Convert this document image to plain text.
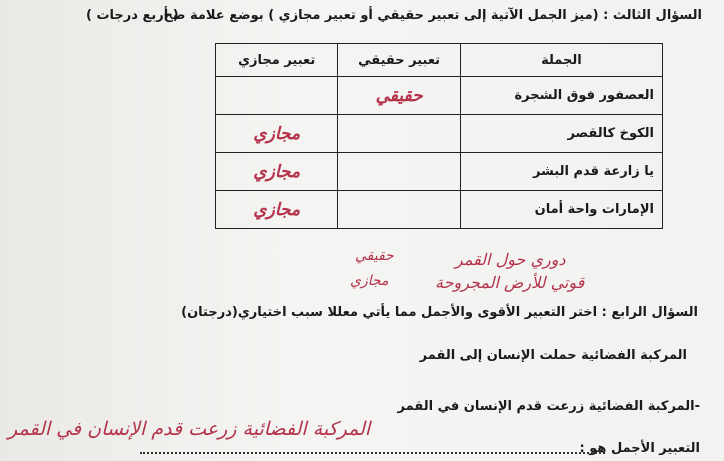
السؤال الثالث : (ميز الجمل الآتية إلى تعبير حقيقي أو تعبير مجازي ) بوضع علامة صح
( أربع درجات )
الجملة	تعبير حقيقي	تعبير مجازي
العصفور فوق الشجرة	حقيقي	
الكوخ كالقصر		مجازي
يا زارعة قدم البشر		مجازي
الإمارات واحة أمان		مجازي
دوري حول القمر
حقيقي
قوتي للأرض المجروحة
مجازي
السؤال الرابع : اختر التعبير الأقوى والأجمل مما يأتي معللا سبب اختياري(درجتان)
المركبة الفضائية حملت الإنسان إلى القمر
-المركبة الفضائية زرعت قدم الإنسان في القمر
التعبير الأجمل هو :
المركبة الفضائية زرعت قدم الإنسان في القمر
